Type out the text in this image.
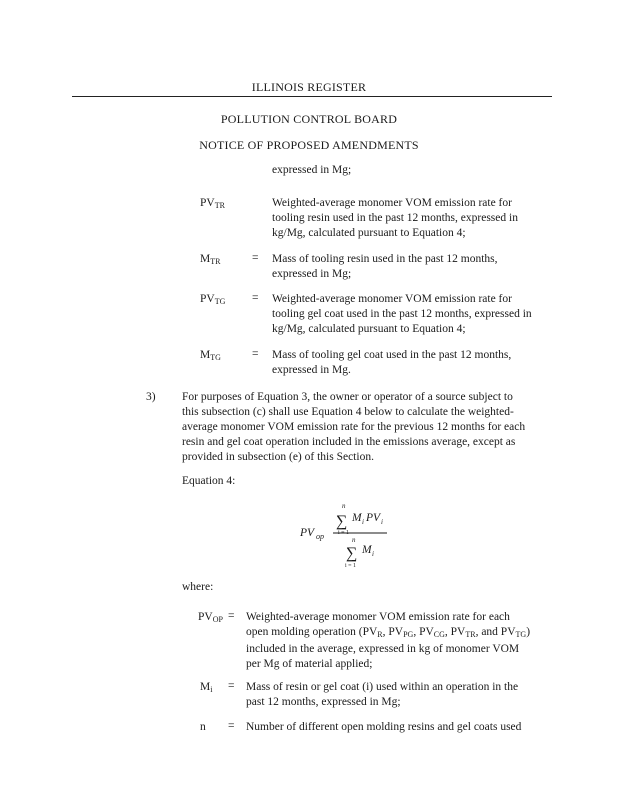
ILLINOIS REGISTER
POLLUTION CONTROL BOARD
NOTICE OF PROPOSED AMENDMENTS
expressed in Mg;
$PV_{TR}$	Weighted-average monomer VOM emission rate for
tooling resin used in the past 12 months, expressed in
kg/Mg, calculated pursuant to Equation 4;
$M_{TR}$	= Mass of tooling resin used in the past 12 months,
expressed in Mg;
$PV_{TG}$ = Weighted-average monomer VOM emission rate for
tooling gel coat used in the past 12 months, expressed in
kg/Mg, calculated pursuant to Equation 4;
$M_{TG}$	= Mass of tooling gel coat used in the past 12 months,
expressed in Mg.
3) For purposes of Equation 3, the owner or operator of a source subject to
this subsection (c) shall use Equation 4 below to calculate the weighted-
average monomer VOM emission rate for the previous 12 months for each
resin and gel coat operation included in the emissions average, except as
provided in subsection (e) of this Section.
Equation 4:
PV op
n
∑
i = 1
M i PV i
n
∑
i = 1
M i
where:
$PV_{OP}$ = Weighted-average monomer VOM emission rate for each
open molding operation ($PV_R$, $PV_{PG}$, $PV_{CG}$, $PV_{TR}$, and $PV_{TG}$)
included in the average, expressed in kg of monomer VOM
per Mg of material applied;
$M_i$ = Mass of resin or gel coat (i) used within an operation in the
past 12 months, expressed in Mg;
n = Number of different open molding resins and gel coats used
